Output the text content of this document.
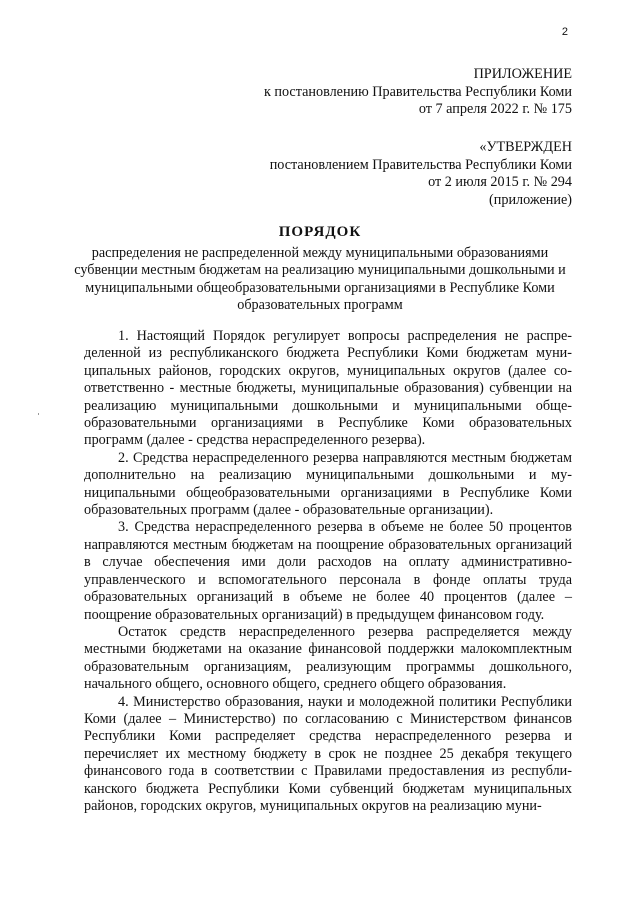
2
ПРИЛОЖЕНИЕ
к постановлению Правительства Республики Коми
от 7 апреля 2022 г. № 175
«УТВЕРЖДЕН
постановлением Правительства Республики Коми
от 2 июля 2015 г. № 294
(приложение)
ПОРЯДОК
распределения не распределенной между муниципальными образованиями субвенции местным бюджетам на реализацию муниципальными дошкольными и муниципальными общеобразовательными организациями в Республике Коми образовательных программ

1. Настоящий Порядок регулирует вопросы распределения не распределенной из республиканского бюджета Республики Коми бюджетам муниципальных районов, городских округов, муниципальных округов (далее соответственно - местные бюджеты, муниципальные образования) субвенции на реализацию муниципальными дошкольными и муниципальными общеобразовательными организациями в Республике Коми образовательных программ (далее - средства нераспределенного резерва).

2. Средства нераспределенного резерва направляются местным бюджетам дополнительно на реализацию муниципальными дошкольными и муниципальными общеобразовательными организациями в Республике Коми образовательных программ (далее - образовательные организации).

3. Средства нераспределенного резерва в объеме не более 50 процентов направляются местным бюджетам на поощрение образовательных организаций в случае обеспечения ими доли расходов на оплату административно-управленческого и вспомогательного персонала в фонде оплаты труда образовательных организаций в объеме не более 40 процентов (далее – поощрение образовательных организаций) в предыдущем финансовом году.

Остаток средств нераспределенного резерва распределяется между местными бюджетами на оказание финансовой поддержки малокомплектным образовательным организациям, реализующим программы дошкольного, начального общего, основного общего, среднего общего образования.

4. Министерство образования, науки и молодежной политики Республики Коми (далее – Министерство) по согласованию с Министерством финансов Республики Коми распределяет средства нераспределенного резерва и перечисляет их местному бюджету в срок не позднее 25 декабря текущего финансового года в соответствии с Правилами предоставления из республиканского бюджета Республики Коми субвенций бюджетам муниципальных районов, городских округов, муниципальных округов на реализацию муни-
